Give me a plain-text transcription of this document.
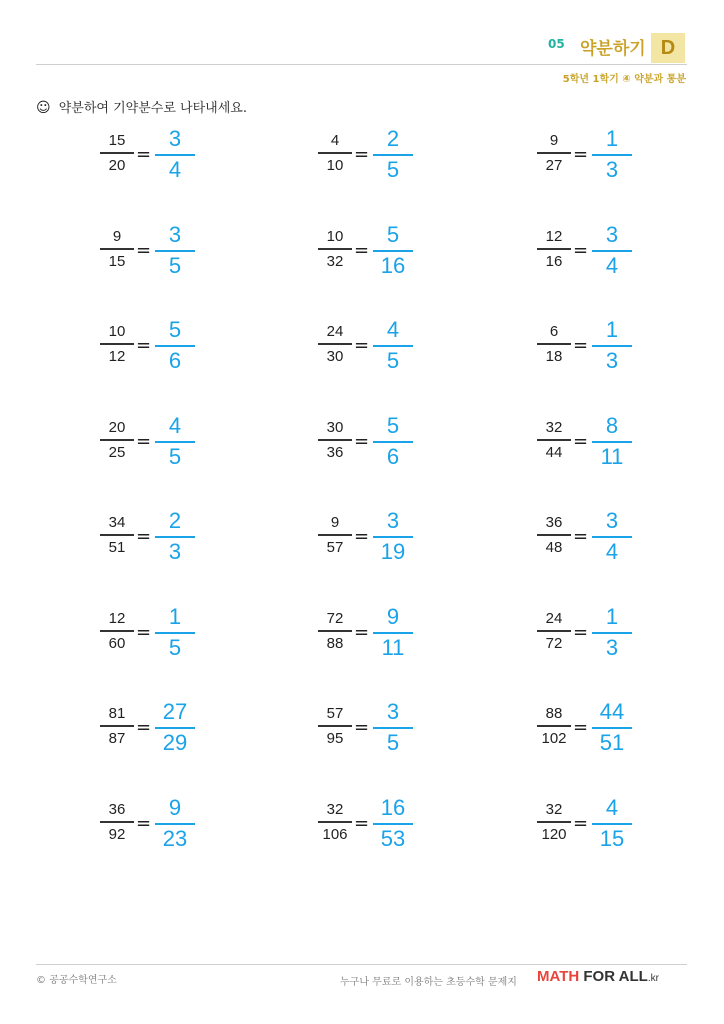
05 약분하기 D
5학년 1학기 ④ 약분과 통분
☺ 약분하여 기약분수로 나타내세요.
15
20 =
3
4
4
10 =
2
5
9
27 =
1
3
9
15 =
3
5
10
32 =
5
16
12
16 =
3
4
10
12 =
5
6
24
30 =
4
5
6
18 =
1
3
20
25 =
4
5
30
36 =
5
6
32
44 =
8
11
34
51 =
2
3
9
57 =
3
19
36
48 =
3
4
12
60 =
1
5
72
88 =
9
11
24
72 =
1
3
81
87 =
27
29
57
95 =
3
5
88
102 =
44
51
36
92 =
9
23
32
106 =
16
53
32
120 =
4
15
© 공공수학연구소	누구나 무료로 이용하는 초등수학 문제지 MATH FOR ALL.kr
